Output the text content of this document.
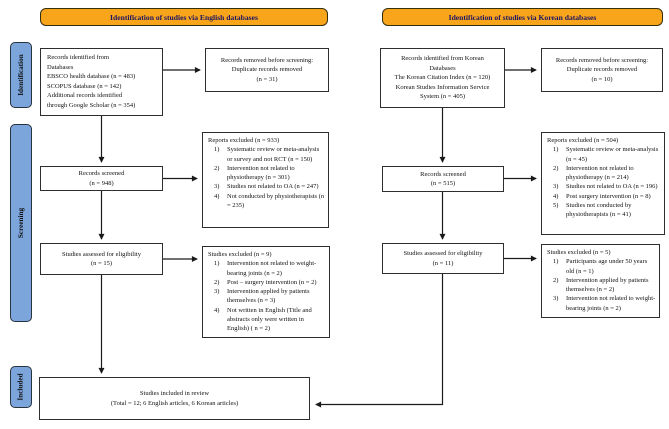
Identification of studies via English databases	Identification of studies via Korean databases
Identification
Screening
Included
Records identified from
Databases
EBSCO health database (n = 483)
SCOPUS database (n = 142)
Additional records identified
through Google Scholar (n = 354)
Records removed before screening:
Duplicate records removed
(n = 31)
Records screened
(n = 948)
Reports excluded (n = 933)
1)	Systematic review or meta-analysis or survey and not RCT (n = 150)
2)	Intervention not related to physiotherapy (n = 301)
3)	Studies not related to OA (n = 247)
4)	Not conducted by physiotherapists (n = 235)
Studies assessed for eligibility
(n = 15)
Studies excluded (n = 9)
1)	Intervention not related to weight-bearing joints (n = 2)
2)	Post – surgery intervention (n = 2)
3)	Intervention applied by patients themselves (n = 3)
4)	Not written in English (Title and abstracts only were written in English) ( n = 2)
Studies included in review
(Total = 12; 6 English articles, 6 Korean articles)
Records identified from Korean
Databases
The Korean Citation Index (n = 120)
Korean Studies Information Service
System (n = 405)
Records removed before screening:
Duplicate records removed
(n = 10)
Records screened
(n = 515)
Reports excluded (n = 504)
1)	Systematic review or meta-analysis (n = 45)
2)	Intervention not related to physiotherapy (n = 214)
3)	Studies not related to OA (n = 196)
4)	Post surgery intervention (n = 8)
5)	Studies not conducted by physiotherapists (n = 41)
Studies assessed for eligibility
(n = 11)
Studies excluded (n = 5)
1)	Participants age under 50 years old (n = 1)
2)	Intervention applied by patients themselves (n = 2)
3)	Intervention not related to weight-bearing joints (n = 2)
